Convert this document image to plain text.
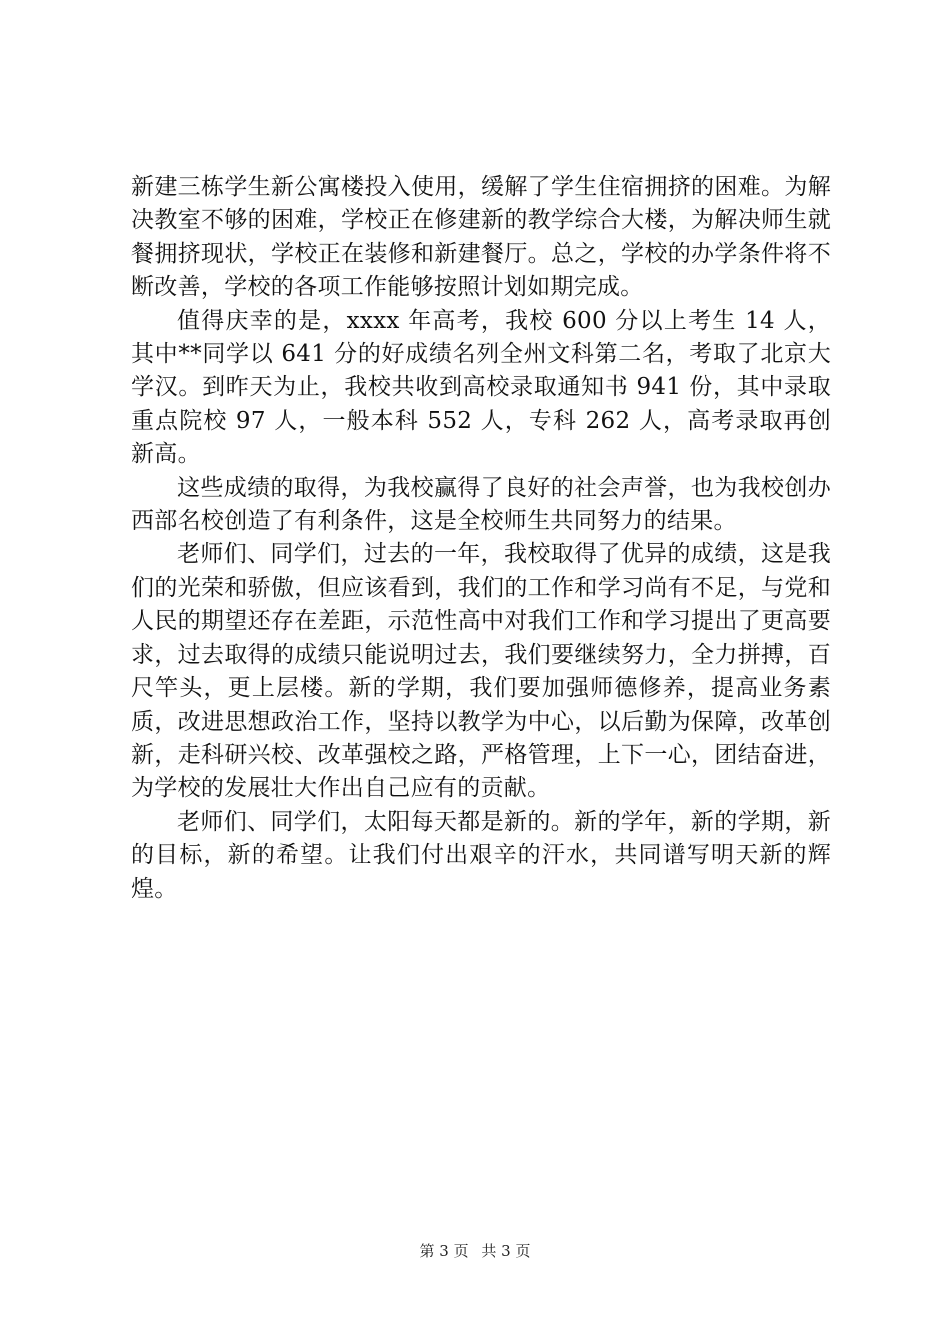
新建三栋学生新公寓楼投入使用，缓解了学生住宿拥挤的困难。为解决教室不够的困难，学校正在修建新的教学综合大楼，为解决师生就餐拥挤现状，学校正在装修和新建餐厅。总之，学校的办学条件将不断改善，学校的各项工作能够按照计划如期完成。

值得庆幸的是，xxxx 年高考，我校 600 分以上考生 14 人，其中**同学以 641 分的好成绩名列全州文科第二名，考取了北京大学汉。到昨天为止，我校共收到高校录取通知书 941 份，其中录取重点院校 97 人，一般本科 552 人，专科 262 人，高考录取再创新高。

这些成绩的取得，为我校赢得了良好的社会声誉，也为我校创办西部名校创造了有利条件，这是全校师生共同努力的结果。

老师们、同学们，过去的一年，我校取得了优异的成绩，这是我们的光荣和骄傲，但应该看到，我们的工作和学习尚有不足，与党和人民的期望还存在差距，示范性高中对我们工作和学习提出了更高要求，过去取得的成绩只能说明过去，我们要继续努力，全力拼搏，百尺竿头，更上层楼。新的学期，我们要加强师德修养，提高业务素质，改进思想政治工作，坚持以教学为中心，以后勤为保障，改革创新，走科研兴校、改革强校之路，严格管理，上下一心，团结奋进，为学校的发展壮大作出自己应有的贡献。

老师们、同学们，太阳每天都是新的。新的学年，新的学期，新的目标，新的希望。让我们付出艰辛的汗水，共同谱写明天新的辉煌。

第 3 页 共 3 页
